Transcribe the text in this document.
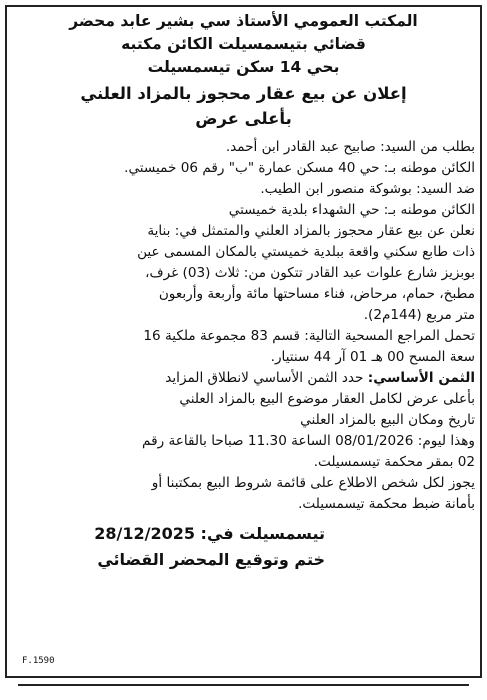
المكتب العمومي الأستاذ سي بشير عابد محضر
قضائي بتيسمسيلت الكائن مكتبه
بحي 14 سكن تيسمسيلت
إعلان عن بيع عقار محجوز بالمزاد العلني
بأعلى عرض
بطلب من السيد: صابيح عبد القادر ابن أحمد.
الكائن موطنه بـ: حي 40 مسكن عمارة "ب" رقم 06 خميستي.
ضد السيد: بوشوكة منصور ابن الطيب.
الكائن موطنه بـ: حي الشهداء بلدية خميستي
نعلن عن بيع عقار محجوز بالمزاد العلني والمتمثل في: بناية
ذات طابع سكني واقعة ببلدية خميستي بالمكان المسمى عين
بوبزيز شارع علوات عبد القادر تتكون من: ثلاث (03) غرف،
مطبخ، حمام، مرحاض، فناء مساحتها مائة وأربعة وأربعون
متر مربع (144م2).
تحمل المراجع المسحية التالية: قسم 83 مجموعة ملكية 16
سعة المسح 00 هـ 01 آر 44 سنتيار.
الثمن الأساسي: حدد الثمن الأساسي لانطلاق المزايد
بأعلى عرض لكامل العقار موضوع البيع بالمزاد العلني
تاريخ ومكان البيع بالمزاد العلني
وهذا ليوم: 08/01/2026 الساعة 11.30 صباحا بالقاعة رقم
02 بمقر محكمة تيسمسيلت.
يجوز لكل شخص الاطلاع على قائمة شروط البيع بمكتبنا أو
بأمانة ضبط محكمة تيسمسيلت.
تيسمسيلت في: 28/12/2025
ختم وتوقيع المحضر القضائي
F.1590
